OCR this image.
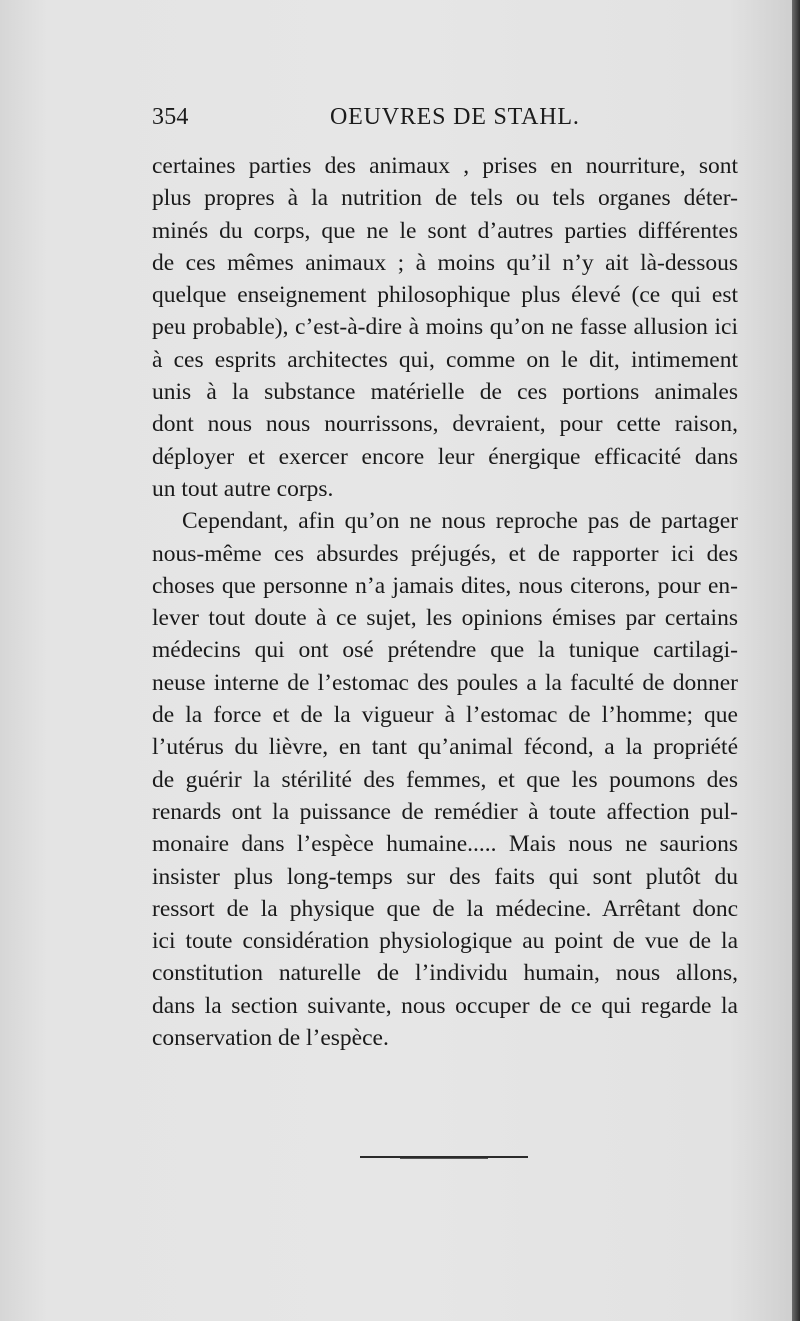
354	OEUVRES DE STAHL.
certaines parties des animaux , prises en nourriture, sont
plus propres à la nutrition de tels ou tels organes déter-
minés du corps, que ne le sont d’autres parties différentes
de ces mêmes animaux ; à moins qu’il n’y ait là-dessous
quelque enseignement philosophique plus élevé (ce qui est
peu probable), c’est-à-dire à moins qu’on ne fasse allusion ici
à ces esprits architectes qui, comme on le dit, intimement
unis à la substance matérielle de ces portions animales
dont nous nous nourrissons, devraient, pour cette raison,
déployer et exercer encore leur énergique efficacité dans
un tout autre corps.
Cependant, afin qu’on ne nous reproche pas de partager
nous-même ces absurdes préjugés, et de rapporter ici des
choses que personne n’a jamais dites, nous citerons, pour en-
lever tout doute à ce sujet, les opinions émises par certains
médecins qui ont osé prétendre que la tunique cartilagi-
neuse interne de l’estomac des poules a la faculté de donner
de la force et de la vigueur à l’estomac de l’homme; que
l’utérus du lièvre, en tant qu’animal fécond, a la propriété
de guérir la stérilité des femmes, et que les poumons des
renards ont la puissance de remédier à toute affection pul-
monaire dans l’espèce humaine..... Mais nous ne saurions
insister plus long-temps sur des faits qui sont plutôt du
ressort de la physique que de la médecine. Arrêtant donc
ici toute considération physiologique au point de vue de la
constitution naturelle de l’individu humain, nous allons,
dans la section suivante, nous occuper de ce qui regarde la
conservation de l’espèce.
